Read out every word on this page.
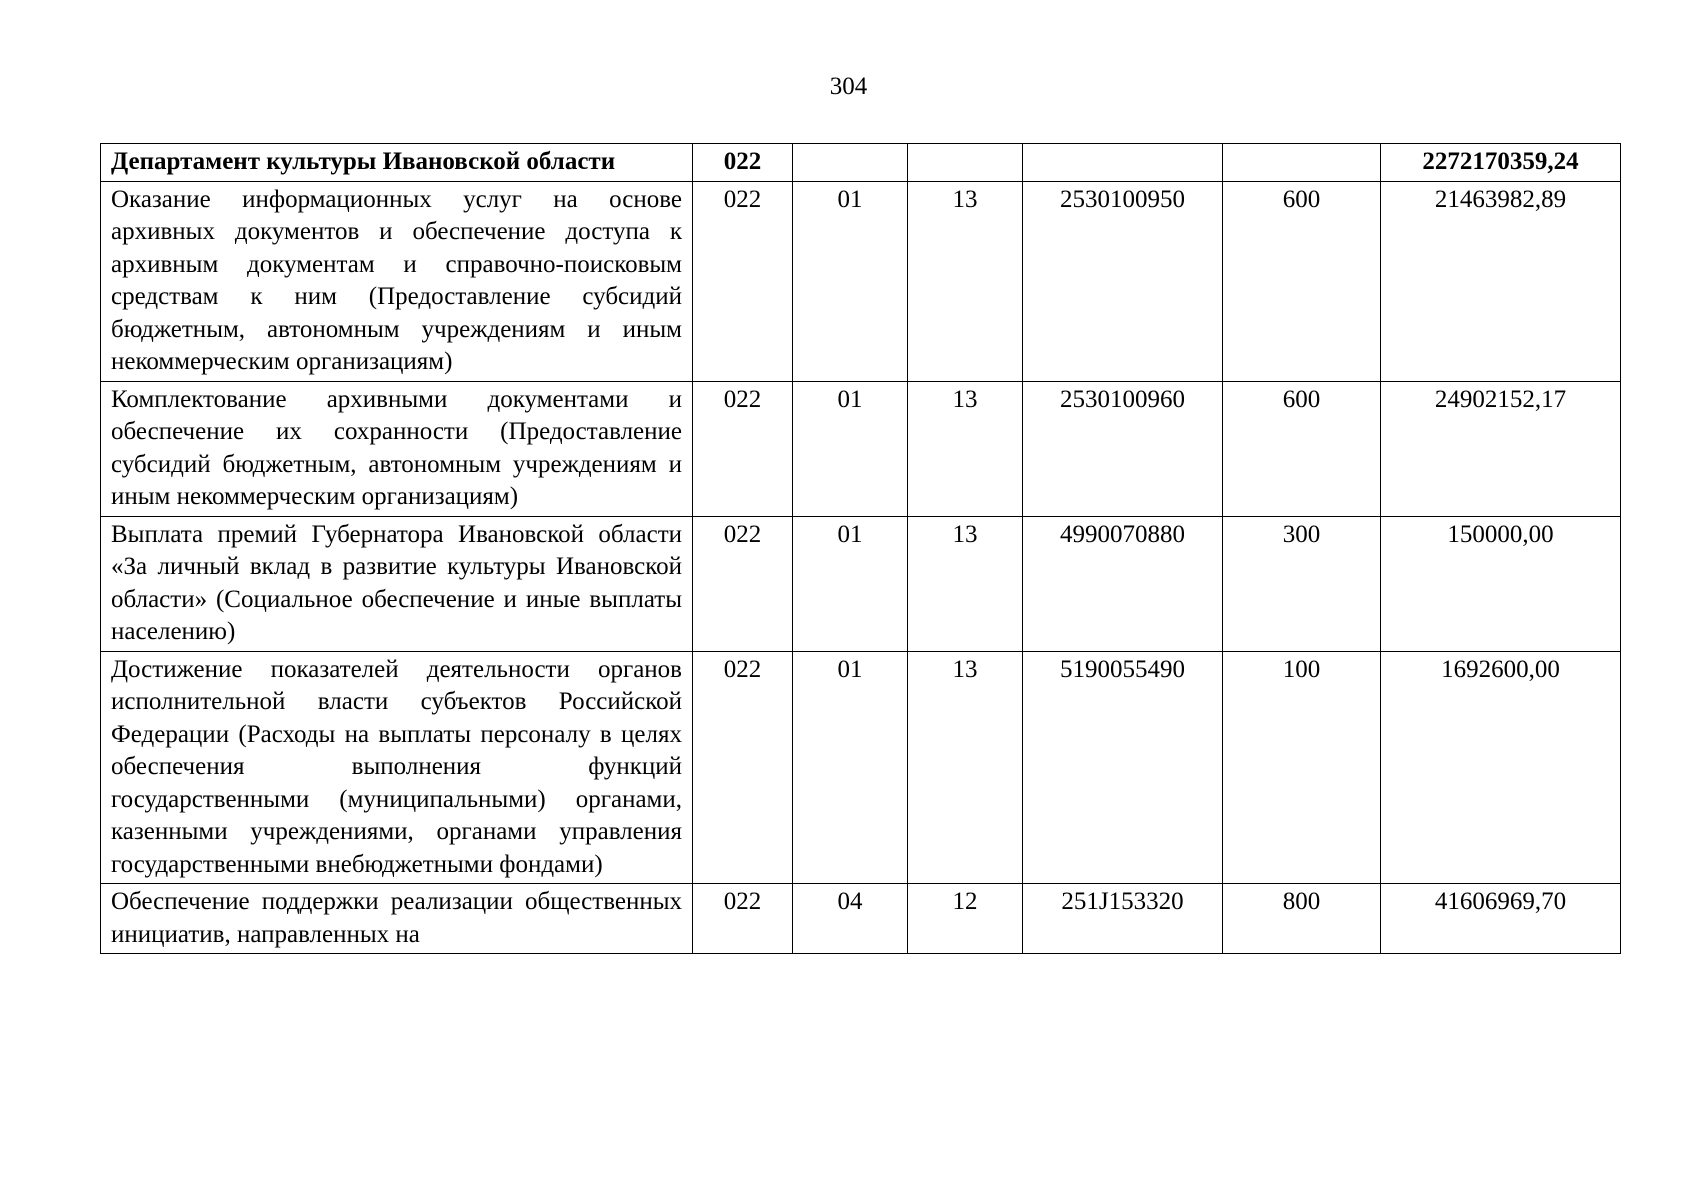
304
Департамент культуры Ивановской области	022					2272170359,24
Оказание информационных услуг на основе архивных документов и обеспечение доступа к архивным документам и справочно-поисковым средствам к ним (Предоставление субсидий бюджетным, автономным учреждениям и иным некоммерческим организациям)	022	01	13	2530100950	600	21463982,89
Комплектование архивными документами и обеспечение их сохранности (Предоставление субсидий бюджетным, автономным учреждениям и иным некоммерческим организациям)	022	01	13	2530100960	600	24902152,17
Выплата премий Губернатора Ивановской области «За личный вклад в развитие культуры Ивановской области» (Социальное обеспечение и иные выплаты населению)	022	01	13	4990070880	300	150000,00
Достижение показателей деятельности органов исполнительной власти субъектов Российской Федерации (Расходы на выплаты персоналу в целях обеспечения выполнения функций государственными (муниципальными) органами, казенными учреждениями, органами управления государственными внебюджетными фондами)	022	01	13	5190055490	100	1692600,00
Обеспечение поддержки реализации общественных инициатив, направленных на	022	04	12	251J153320	800	41606969,70
